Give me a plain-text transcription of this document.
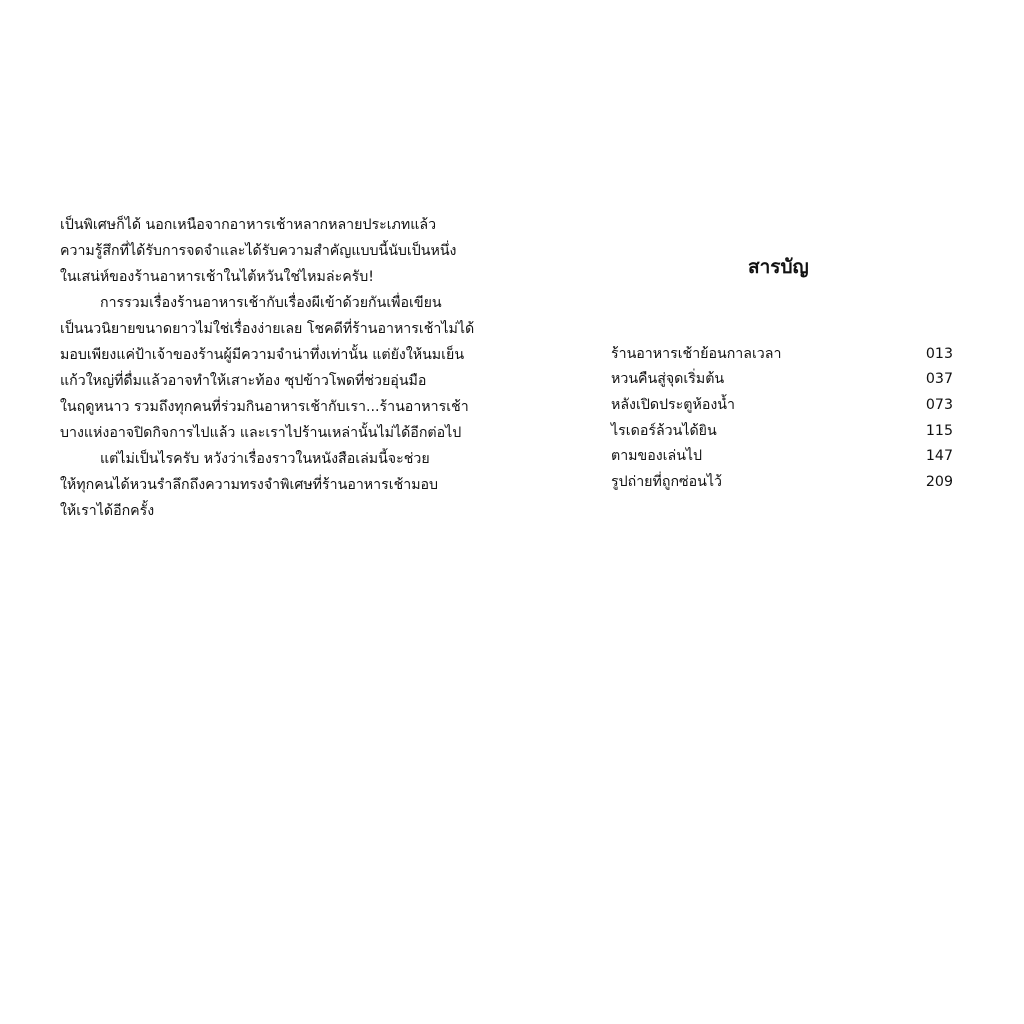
เป็นพิเศษก็ได้ นอกเหนือจากอาหารเช้าหลากหลายประเภทแล้ว
ความรู้สึกที่ได้รับการจดจำและได้รับความสำคัญแบบนี้นับเป็นหนึ่ง
ในเสน่ห์ของร้านอาหารเช้าในไต้หวันใช่ไหมล่ะครับ!
การรวมเรื่องร้านอาหารเช้ากับเรื่องผีเข้าด้วยกันเพื่อเขียน
เป็นนวนิยายขนาดยาวไม่ใช่เรื่องง่ายเลย โชคดีที่ร้านอาหารเช้าไม่ได้
มอบเพียงแค่ป้าเจ้าของร้านผู้มีความจำน่าทึ่งเท่านั้น แต่ยังให้นมเย็น
แก้วใหญ่ที่ดื่มแล้วอาจทำให้เสาะท้อง ซุปข้าวโพดที่ช่วยอุ่นมือ
ในฤดูหนาว รวมถึงทุกคนที่ร่วมกินอาหารเช้ากับเรา...ร้านอาหารเช้า
บางแห่งอาจปิดกิจการไปแล้ว และเราไปร้านเหล่านั้นไม่ได้อีกต่อไป
แต่ไม่เป็นไรครับ หวังว่าเรื่องราวในหนังสือเล่มนี้จะช่วย
ให้ทุกคนได้หวนรำลึกถึงความทรงจำพิเศษที่ร้านอาหารเช้ามอบ
ให้เราได้อีกครั้ง
สารบัญ
ร้านอาหารเช้าย้อนกาลเวลา	013
หวนคืนสู่จุดเริ่มต้น	037
หลังเปิดประตูห้องน้ำ	073
ไรเดอร์ล้วนได้ยิน	115
ตามของเล่นไป	147
รูปถ่ายที่ถูกซ่อนไว้	209
